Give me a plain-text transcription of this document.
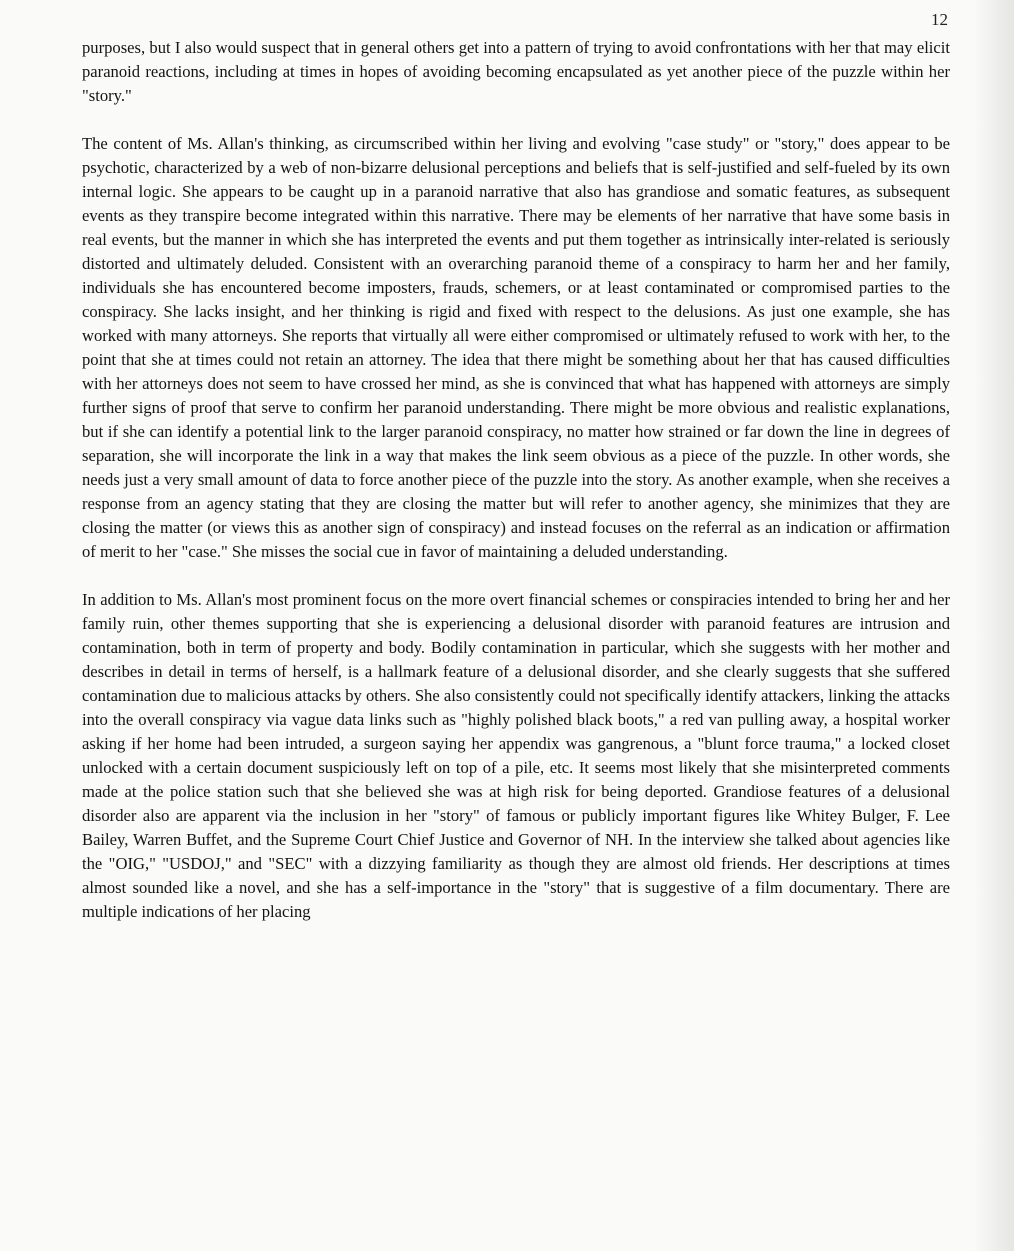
12

purposes, but I also would suspect that in general others get into a pattern of trying to avoid confrontations with her that may elicit paranoid reactions, including at times in hopes of avoiding becoming encapsulated as yet another piece of the puzzle within her "story."

The content of Ms. Allan's thinking, as circumscribed within her living and evolving "case study" or "story," does appear to be psychotic, characterized by a web of non-bizarre delusional perceptions and beliefs that is self-justified and self-fueled by its own internal logic. She appears to be caught up in a paranoid narrative that also has grandiose and somatic features, as subsequent events as they transpire become integrated within this narrative. There may be elements of her narrative that have some basis in real events, but the manner in which she has interpreted the events and put them together as intrinsically inter-related is seriously distorted and ultimately deluded. Consistent with an overarching paranoid theme of a conspiracy to harm her and her family, individuals she has encountered become imposters, frauds, schemers, or at least contaminated or compromised parties to the conspiracy. She lacks insight, and her thinking is rigid and fixed with respect to the delusions. As just one example, she has worked with many attorneys. She reports that virtually all were either compromised or ultimately refused to work with her, to the point that she at times could not retain an attorney. The idea that there might be something about her that has caused difficulties with her attorneys does not seem to have crossed her mind, as she is convinced that what has happened with attorneys are simply further signs of proof that serve to confirm her paranoid understanding. There might be more obvious and realistic explanations, but if she can identify a potential link to the larger paranoid conspiracy, no matter how strained or far down the line in degrees of separation, she will incorporate the link in a way that makes the link seem obvious as a piece of the puzzle. In other words, she needs just a very small amount of data to force another piece of the puzzle into the story. As another example, when she receives a response from an agency stating that they are closing the matter but will refer to another agency, she minimizes that they are closing the matter (or views this as another sign of conspiracy) and instead focuses on the referral as an indication or affirmation of merit to her "case." She misses the social cue in favor of maintaining a deluded understanding.

In addition to Ms. Allan's most prominent focus on the more overt financial schemes or conspiracies intended to bring her and her family ruin, other themes supporting that she is experiencing a delusional disorder with paranoid features are intrusion and contamination, both in term of property and body. Bodily contamination in particular, which she suggests with her mother and describes in detail in terms of herself, is a hallmark feature of a delusional disorder, and she clearly suggests that she suffered contamination due to malicious attacks by others. She also consistently could not specifically identify attackers, linking the attacks into the overall conspiracy via vague data links such as "highly polished black boots," a red van pulling away, a hospital worker asking if her home had been intruded, a surgeon saying her appendix was gangrenous, a "blunt force trauma," a locked closet unlocked with a certain document suspiciously left on top of a pile, etc. It seems most likely that she misinterpreted comments made at the police station such that she believed she was at high risk for being deported. Grandiose features of a delusional disorder also are apparent via the inclusion in her "story" of famous or publicly important figures like Whitey Bulger, F. Lee Bailey, Warren Buffet, and the Supreme Court Chief Justice and Governor of NH. In the interview she talked about agencies like the "OIG," "USDOJ," and "SEC" with a dizzying familiarity as though they are almost old friends. Her descriptions at times almost sounded like a novel, and she has a self-importance in the "story" that is suggestive of a film documentary. There are multiple indications of her placing
